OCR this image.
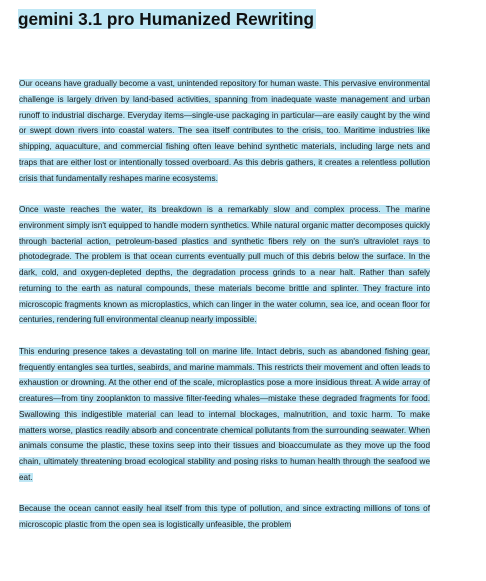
gemini 3.1 pro Humanized Rewriting

Our oceans have gradually become a vast, unintended repository for human waste. This pervasive environmental challenge is largely driven by land-based activities, spanning from inadequate waste management and urban runoff to industrial discharge. Everyday items—single-use packaging in particular—are easily caught by the wind or swept down rivers into coastal waters. The sea itself contributes to the crisis, too. Maritime industries like shipping, aquaculture, and commercial fishing often leave behind synthetic materials, including large nets and traps that are either lost or intentionally tossed overboard. As this debris gathers, it creates a relentless pollution crisis that fundamentally reshapes marine ecosystems.

Once waste reaches the water, its breakdown is a remarkably slow and complex process. The marine environment simply isn't equipped to handle modern synthetics. While natural organic matter decomposes quickly through bacterial action, petroleum-based plastics and synthetic fibers rely on the sun's ultraviolet rays to photodegrade. The problem is that ocean currents eventually pull much of this debris below the surface. In the dark, cold, and oxygen-depleted depths, the degradation process grinds to a near halt. Rather than safely returning to the earth as natural compounds, these materials become brittle and splinter. They fracture into microscopic fragments known as microplastics, which can linger in the water column, sea ice, and ocean floor for centuries, rendering full environmental cleanup nearly impossible.

This enduring presence takes a devastating toll on marine life. Intact debris, such as abandoned fishing gear, frequently entangles sea turtles, seabirds, and marine mammals. This restricts their movement and often leads to exhaustion or drowning. At the other end of the scale, microplastics pose a more insidious threat. A wide array of creatures—from tiny zooplankton to massive filter-feeding whales—mistake these degraded fragments for food. Swallowing this indigestible material can lead to internal blockages, malnutrition, and toxic harm. To make matters worse, plastics readily absorb and concentrate chemical pollutants from the surrounding seawater. When animals consume the plastic, these toxins seep into their tissues and bioaccumulate as they move up the food chain, ultimately threatening broad ecological stability and posing risks to human health through the seafood we eat.

Because the ocean cannot easily heal itself from this type of pollution, and since extracting millions of tons of microscopic plastic from the open sea is logistically unfeasible, the problem
